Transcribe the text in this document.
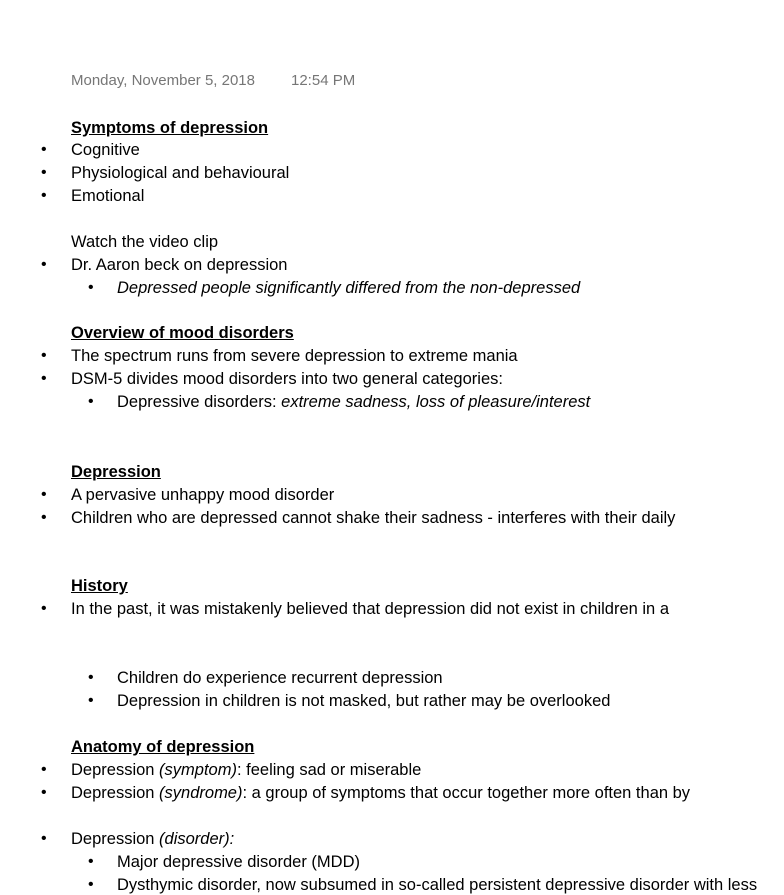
Monday, November 5, 2018 12:54 PM
Symptoms of depression
• Cognitive
• Physiological and behavioural
• Emotional
Watch the video clip
• Dr. Aaron beck on depression
• Depressed people significantly differed from the non-depressed
Overview of mood disorders
• The spectrum runs from severe depression to extreme mania
• DSM-5 divides mood disorders into two general categories:
• Depressive disorders: extreme sadness, loss of pleasure/interest
Depression
• A pervasive unhappy mood disorder
• Children who are depressed cannot shake their sadness - interferes with their daily
History
• In the past, it was mistakenly believed that depression did not exist in children in a
• Children do experience recurrent depression
• Depression in children is not masked, but rather may be overlooked
Anatomy of depression
• Depression (symptom): feeling sad or miserable
• Depression (syndrome): a group of symptoms that occur together more often than by
• Depression (disorder):
• Major depressive disorder (MDD)
• Dysthymic disorder, now subsumed in so-called persistent depressive disorder with less
